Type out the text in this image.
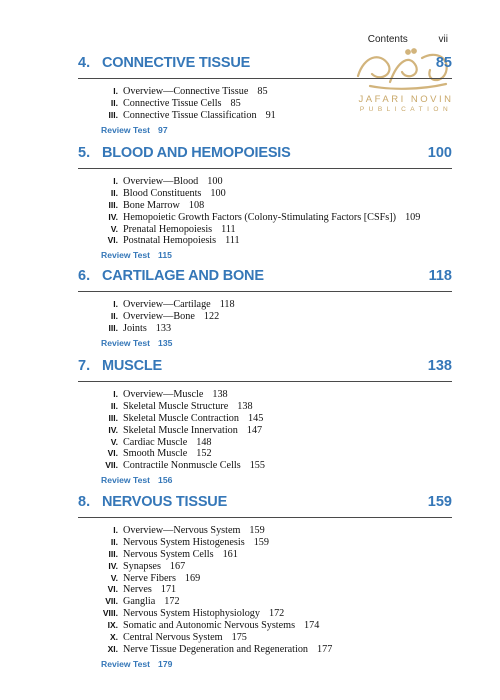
Contents	vii
JAFARI NOVIN
PUBLICATION
4. CONNECTIVE TISSUE	85
I. Overview—Connective Tissue 85
II. Connective Tissue Cells 85
III. Connective Tissue Classification 91
Review Test 97
5. BLOOD AND HEMOPOIESIS	100
I. Overview—Blood 100
II. Blood Constituents 100
III. Bone Marrow 108
IV. Hemopoietic Growth Factors (Colony-Stimulating Factors [CSFs]) 109
V. Prenatal Hemopoiesis 111
VI. Postnatal Hemopoiesis 111
Review Test 115
6. CARTILAGE AND BONE	118
I. Overview—Cartilage 118
II. Overview—Bone 122
III. Joints 133
Review Test 135
7. MUSCLE	138
I. Overview—Muscle 138
II. Skeletal Muscle Structure 138
III. Skeletal Muscle Contraction 145
IV. Skeletal Muscle Innervation 147
V. Cardiac Muscle 148
VI. Smooth Muscle 152
VII. Contractile Nonmuscle Cells 155
Review Test 156
8. NERVOUS TISSUE	159
I. Overview—Nervous System 159
II. Nervous System Histogenesis 159
III. Nervous System Cells 161
IV. Synapses 167
V. Nerve Fibers 169
VI. Nerves 171
VII. Ganglia 172
VIII. Nervous System Histophysiology 172
IX. Somatic and Autonomic Nervous Systems 174
X. Central Nervous System 175
XI. Nerve Tissue Degeneration and Regeneration 177
Review Test 179
